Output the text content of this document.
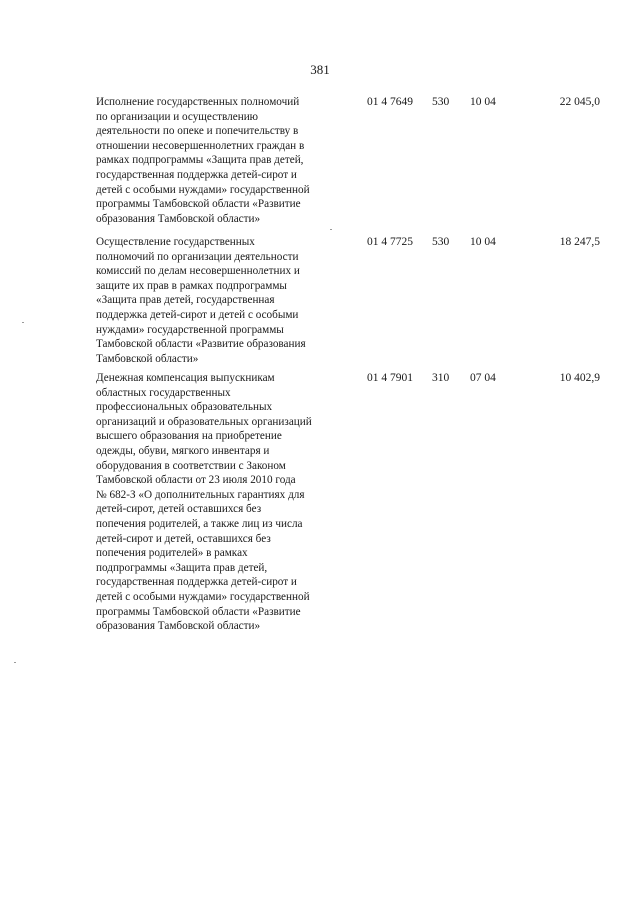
381
Исполнение государственных полномочий
по организации и осуществлению
деятельности по опеке и попечительству в
отношении несовершеннолетних граждан в
рамках подпрограммы «Защита прав детей,
государственная поддержка детей-сирот и
детей с особыми нуждами» государственной
программы Тамбовской области «Развитие
образования Тамбовской области»
01 4 7649 530 10 04	22 045,0
Осуществление государственных
полномочий по организации деятельности
комиссий по делам несовершеннолетних и
защите их прав в рамках подпрограммы
«Защита прав детей, государственная
поддержка детей-сирот и детей с особыми
нуждами» государственной программы
Тамбовской области «Развитие образования
Тамбовской области»
01 4 7725 530 10 04	18 247,5
Денежная компенсация выпускникам
областных государственных
профессиональных образовательных
организаций и образовательных организаций
высшего образования на приобретение
одежды, обуви, мягкого инвентаря и
оборудования в соответствии с Законом
Тамбовской области от 23 июля 2010 года
№ 682-З «О дополнительных гарантиях для
детей-сирот, детей оставшихся без
попечения родителей, а также лиц из числа
детей-сирот и детей, оставшихся без
попечения родителей» в рамках
подпрограммы «Защита прав детей,
государственная поддержка детей-сирот и
детей с особыми нуждами» государственной
программы Тамбовской области «Развитие
образования Тамбовской области»
01 4 7901 310 07 04	10 402,9
